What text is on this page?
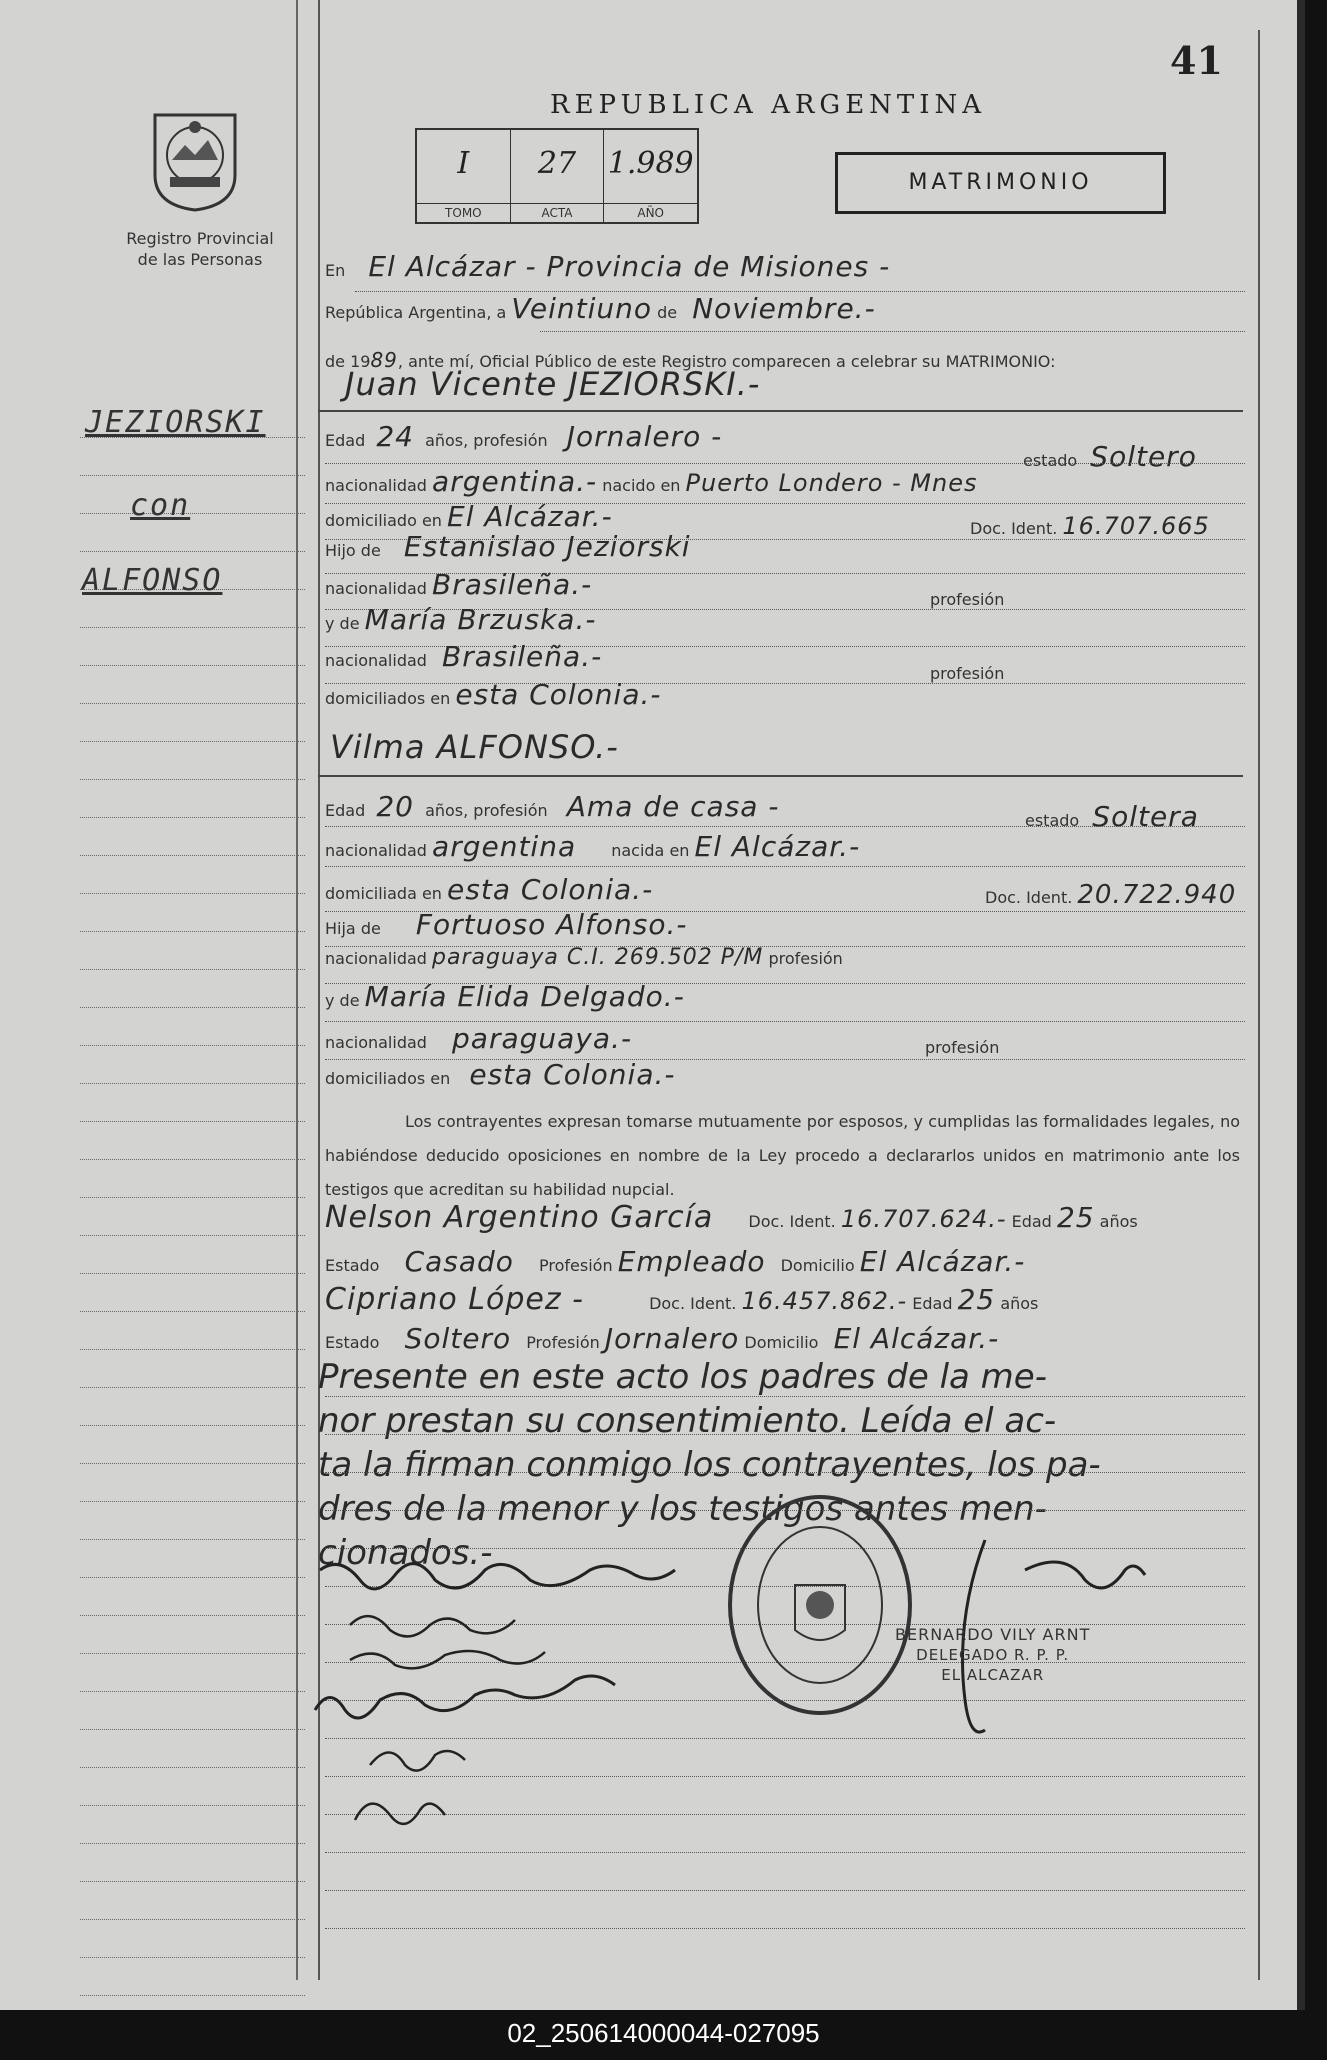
41
REPUBLICA ARGENTINA
Registro Provincial
de las Personas
JEZIORSKI
con
ALFONSO
I
TOMO
27
ACTA
1.989
AÑO
MATRIMONIO
En El Alcázar - Provincia de Misiones -
República Argentina, a Veintiuno de Noviembre.-
de 1989, ante mí, Oficial Público de este Registro comparecen a celebrar su MATRIMONIO:
Juan Vicente JEZIORSKI.-
Edad 24 años, profesión Jornalero -
estado Soltero
nacionalidad argentina.- nacido en Puerto Londero - Mnes
domiciliado en El Alcázar.-	Doc. Ident. 16.707.665
Hijo de Estanislao Jeziorski
nacionalidad Brasileña.-	profesión
y de María Brzuska.-
nacionalidad Brasileña.-
profesión
domiciliados en esta Colonia.-
Vilma ALFONSO.-
Edad 20 años, profesión Ama de casa -	estado Soltera
nacionalidad argentina nacida en El Alcázar.-
domiciliada en esta Colonia.-	Doc. Ident. 20.722.940
Hija de Fortuoso Alfonso.-
nacionalidad paraguaya C.I. 269.502 P/M profesión
y de María Elida Delgado.-
nacionalidad paraguaya.-	profesión
domiciliados en esta Colonia.-
Los contrayentes expresan tomarse mutuamente por esposos, y cumplidas las formalidades legales, no habiéndose deducido oposiciones en nombre de la Ley procedo a declararlos unidos en matrimonio ante los testigos que acreditan su habilidad nupcial.
Nelson Argentino García Doc. Ident. 16.707.624.- Edad 25 años
Estado Casado Profesión Empleado Domicilio El Alcázar.-
Cipriano López -	Doc. Ident. 16.457.862.- Edad 25 años
Estado Soltero Profesión Jornalero Domicilio El Alcázar.-
Presente en este acto los padres de la me-
nor prestan su consentimiento. Leída el ac-
ta la firman conmigo los contrayentes, los pa-
dres de la menor y los testigos antes men-
cionados.-
BERNARDO VILY ARNT
DELEGADO R. P. P.
EL ALCAZAR
02_250614000044-027095
